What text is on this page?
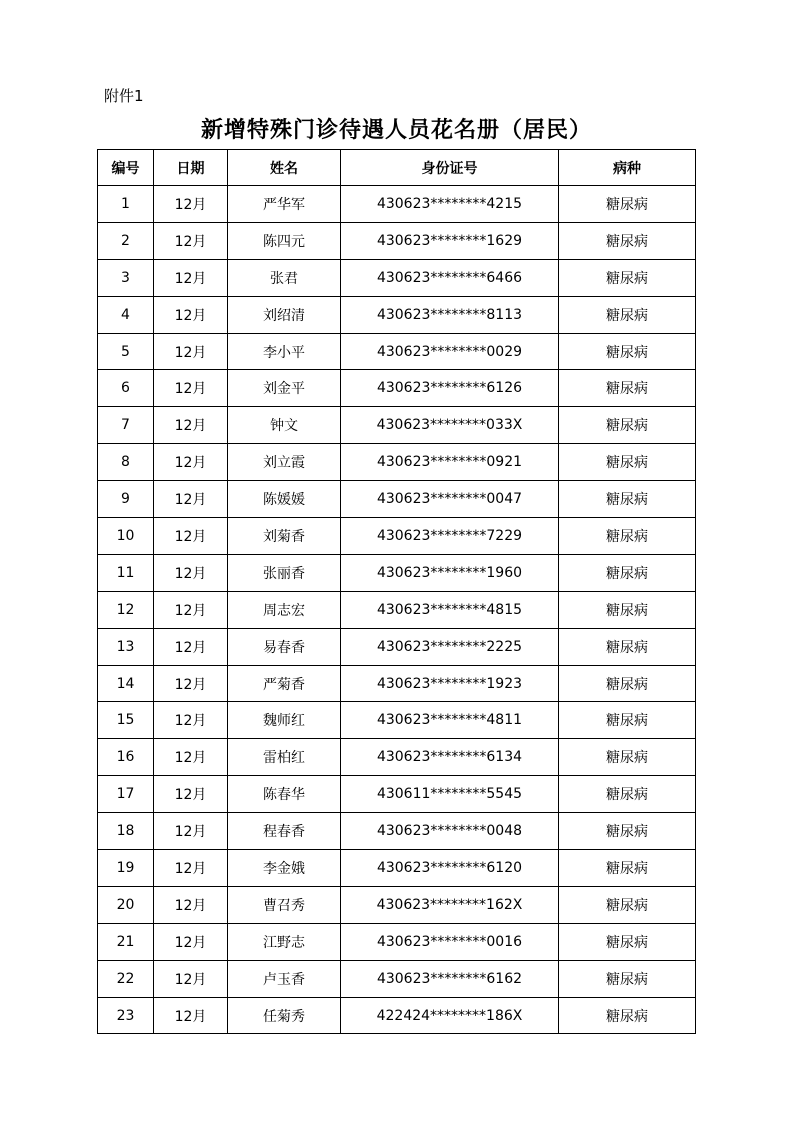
附件1
新增特殊门诊待遇人员花名册（居民）
编号	日期	姓名	身份证号	病种
1	12月	严华军	430623********4215	糖尿病
2	12月	陈四元	430623********1629	糖尿病
3	12月	张君	430623********6466	糖尿病
4	12月	刘绍清	430623********8113	糖尿病
5	12月	李小平	430623********0029	糖尿病
6	12月	刘金平	430623********6126	糖尿病
7	12月	钟文	430623********033X	糖尿病
8	12月	刘立霞	430623********0921	糖尿病
9	12月	陈媛媛	430623********0047	糖尿病
10	12月	刘菊香	430623********7229	糖尿病
11	12月	张丽香	430623********1960	糖尿病
12	12月	周志宏	430623********4815	糖尿病
13	12月	易春香	430623********2225	糖尿病
14	12月	严菊香	430623********1923	糖尿病
15	12月	魏师红	430623********4811	糖尿病
16	12月	雷柏红	430623********6134	糖尿病
17	12月	陈春华	430611********5545	糖尿病
18	12月	程春香	430623********0048	糖尿病
19	12月	李金娥	430623********6120	糖尿病
20	12月	曹召秀	430623********162X	糖尿病
21	12月	江野志	430623********0016	糖尿病
22	12月	卢玉香	430623********6162	糖尿病
23	12月	任菊秀	422424********186X	糖尿病
